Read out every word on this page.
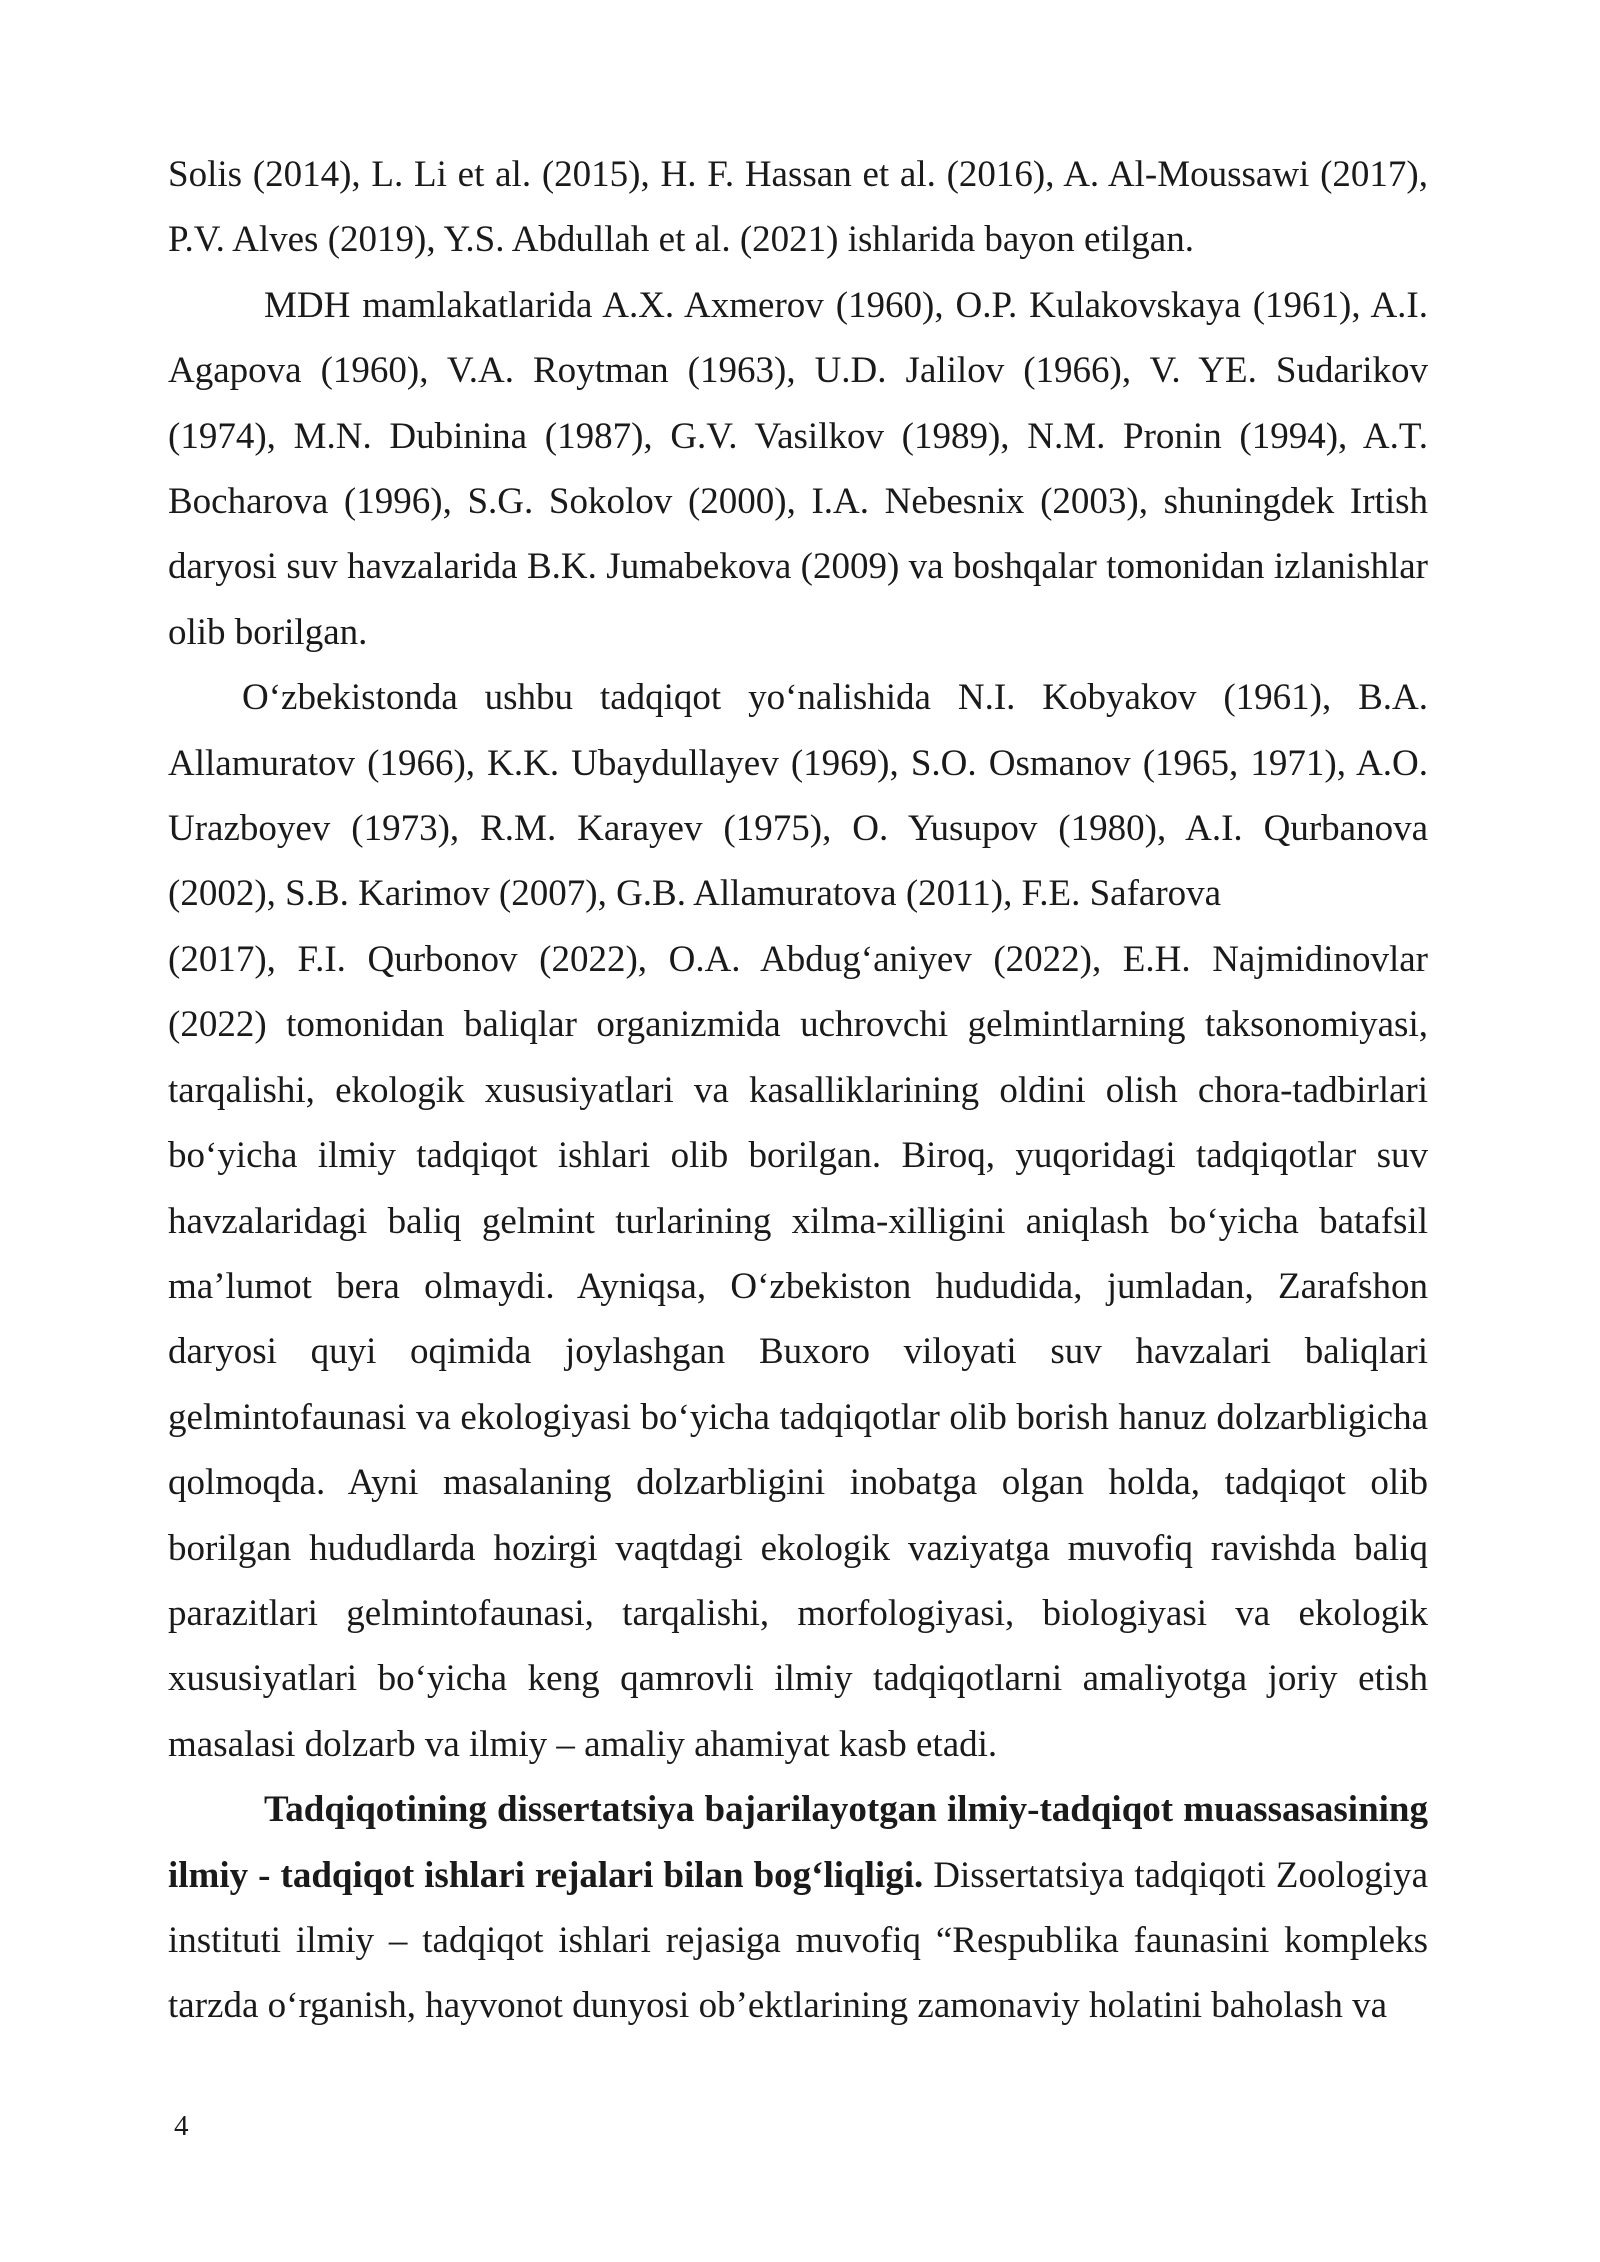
Solis (2014), L. Li et al. (2015), H. F. Hassan et al. (2016), A. Al-Moussawi (2017), P.V. Alves (2019), Y.S. Abdullah et al. (2021) ishlarida bayon etilgan.

MDH mamlakatlarida A.X. Axmerov (1960), O.P. Kulakovskaya (1961), A.I. Agapova (1960), V.A. Roytman (1963), U.D. Jalilov (1966), V. YE. Sudarikov (1974), M.N. Dubinina (1987), G.V. Vasilkov (1989), N.M. Pronin (1994), A.T. Bocharova (1996), S.G. Sokolov (2000), I.A. Nebesnix (2003), shuningdek Irtish daryosi suv havzalarida B.K. Jumabekova (2009) va boshqalar tomonidan izlanishlar olib borilgan.

O‘zbekistonda ushbu tadqiqot yo‘nalishida N.I. Kobyakov (1961), B.A. Allamuratov (1966), K.K. Ubaydullayev (1969), S.O. Osmanov (1965, 1971), A.O. Urazboyev (1973), R.M. Karayev (1975), O. Yusupov (1980), A.I. Qurbanova (2002), S.B. Karimov (2007), G.B. Allamuratova (2011), F.E. Safarova

(2017), F.I. Qurbonov (2022), O.A. Abdug‘aniyev (2022), E.H. Najmidinovlar (2022) tomonidan baliqlar organizmida uchrovchi gelmintlarning taksonomiyasi, tarqalishi, ekologik xususiyatlari va kasalliklarining oldini olish chora-tadbirlari bo‘yicha ilmiy tadqiqot ishlari olib borilgan. Biroq, yuqoridagi tadqiqotlar suv havzalaridagi baliq gelmint turlarining xilma-xilligini aniqlash bo‘yicha batafsil ma’lumot bera olmaydi. Ayniqsa, O‘zbekiston hududida, jumladan, Zarafshon daryosi quyi oqimida joylashgan Buxoro viloyati suv havzalari baliqlari gelmintofaunasi va ekologiyasi bo‘yicha tadqiqotlar olib borish hanuz dolzarbligicha qolmoqda. Ayni masalaning dolzarbligini inobatga olgan holda, tadqiqot olib borilgan hududlarda hozirgi vaqtdagi ekologik vaziyatga muvofiq ravishda baliq parazitlari gelmintofaunasi, tarqalishi, morfologiyasi, biologiyasi va ekologik xususiyatlari bo‘yicha keng qamrovli ilmiy tadqiqotlarni amaliyotga joriy etish masalasi dolzarb va ilmiy – amaliy ahamiyat kasb etadi.

Tadqiqotining dissertatsiya bajarilayotgan ilmiy-tadqiqot muassasasining ilmiy - tadqiqot ishlari rejalari bilan bog‘liqligi. Dissertatsiya tadqiqoti Zoologiya instituti ilmiy – tadqiqot ishlari rejasiga muvofiq “Respublika faunasini kompleks tarzda o‘rganish, hayvonot dunyosi ob’ektlarining zamonaviy holatini baholash va

4
